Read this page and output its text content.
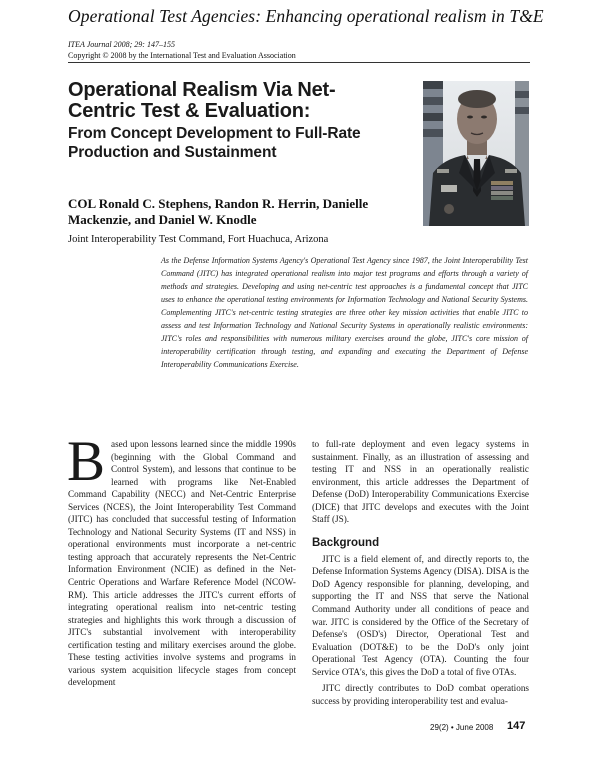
Operational Test Agencies: Enhancing operational realism in T&E
ITEA Journal 2008; 29: 147–155
Copyright © 2008 by the International Test and Evaluation Association
Operational Realism Via Net-Centric Test & Evaluation:
From Concept Development to Full-Rate Production and Sustainment
COL Ronald C. Stephens, Randon R. Herrin, Danielle Mackenzie, and Daniel W. Knodle
Joint Interoperability Test Command, Fort Huachuca, Arizona

As the Defense Information Systems Agency's Operational Test Agency since 1987, the Joint Interoperability Test Command (JITC) has integrated operational realism into major test programs and efforts through a variety of methods and strategies. Developing and using net-centric test approaches is a fundamental concept that JITC uses to enhance the operational testing environments for Information Technology and National Security Systems. Complementing JITC's net-centric testing strategies are three other key mission activities that enable JITC to assess and test Information Technology and National Security Systems in operationally realistic environments: JITC's roles and responsibilities with numerous military exercises around the globe, JITC's core mission of interoperability certification through testing, and expanding and executing the Department of Defense Interoperability Communications Exercise.

Based upon lessons learned since the middle 1990s (beginning with the Global Command and Control System), and lessons that continue to be learned with programs like Net-Enabled Command Capability (NECC) and Net-Centric Enterprise Services (NCES), the Joint Interoperability Test Command (JITC) has concluded that successful testing of Information Technology and National Security Systems (IT and NSS) in operational environments must incorporate a net-centric testing approach that accurately represents the Net-Centric Information Environment (NCIE) as defined in the Net-Centric Operations and Warfare Reference Model (NCOW-RM). This article addresses the JITC's current efforts of integrating operational realism into net-centric testing strategies and highlights this work through a discussion of JITC's substantial involvement with interoperability certification testing and military exercises around the globe. These testing activities involve systems and programs in various system acquisition lifecycle stages from concept development

to full-rate deployment and even legacy systems in sustainment. Finally, as an illustration of assessing and testing IT and NSS in an operationally realistic environment, this article addresses the Department of Defense (DoD) Interoperability Communications Exercise (DICE) that JITC develops and executes with the Joint Staff (JS).

Background

JITC is a field element of, and directly reports to, the Defense Information Systems Agency (DISA). DISA is the DoD Agency responsible for planning, developing, and supporting the IT and NSS that serve the National Command Authority under all conditions of peace and war. JITC is considered by the Office of the Secretary of Defense's (OSD's) Director, Operational Test and Evaluation (DOT&E) to be the DoD's only joint Operational Test Agency (OTA). Counting the four Service OTA's, this gives the DoD a total of five OTAs.

JITC directly contributes to DoD combat operations success by providing interoperability test and evalua-

29(2) • June 2008 147
